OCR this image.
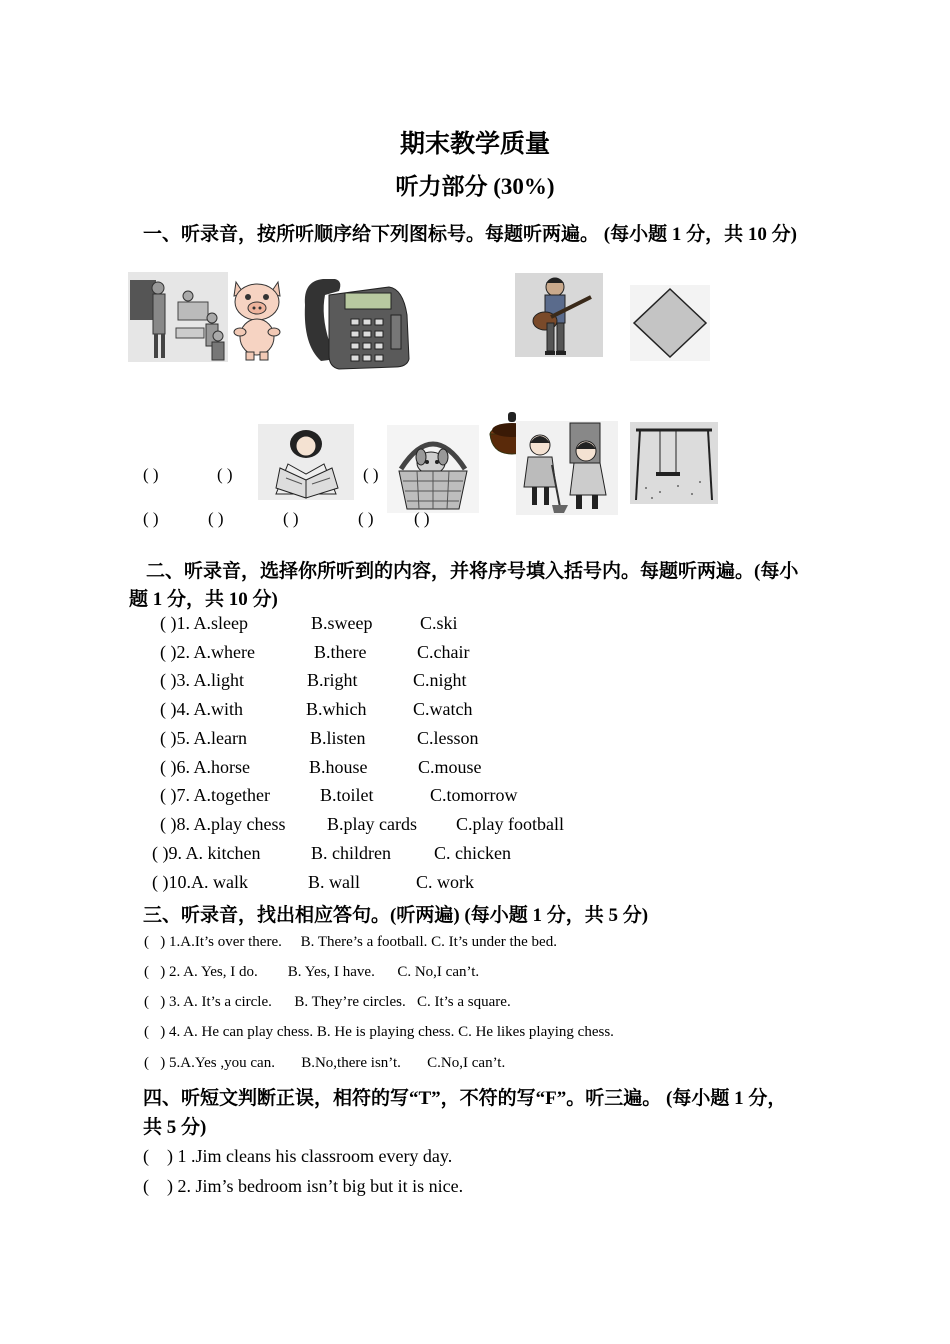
期末教学质量
听力部分 (30%)
一、听录音，按所听顺序给下列图标号。每题听两遍。 (每小题 1 分，共 10 分)
( )	( )	( )
( )	( )	( )	( ) ( )
二、听录音，选择你所听到的内容，并将序号填入括号内。每题听两遍。(每小
题 1 分，共 10 分)
( )1. A.sleep	B.sweep	C.ski
( )2. A.where	B.there	C.chair
( )3. A.light	B.right	C.night
( )4. A.with	B.which	C.watch
( )5. A.learn	B.listen	C.lesson
( )6. A.horse	B.house	C.mouse
( )7. A.together	B.toilet	C.tomorrow
( )8. A.play chess B.play cards C.play football
( )9. A. kitchen	B. children C. chicken
( )10.A. walk	B. wall	C. work
三、听录音，找出相应答句。(听两遍) (每小题 1 分，共 5 分)
(   ) 1.A.It’s over there.     B. There’s a football. C. It’s under the bed.
(   ) 2. A. Yes, I do.        B. Yes, I have.      C. No,I can’t.
(   ) 3. A. It’s a circle.      B. They’re circles.   C. It’s a square.
(   ) 4. A. He can play chess. B. He is playing chess. C. He likes playing chess.
(   ) 5.A.Yes ,you can.       B.No,there isn’t.       C.No,I can’t.
四、听短文判断正误，相符的写“T”，不符的写“F”。听三遍。 (每小题 1 分，
共 5 分)
(    ) 1 .Jim cleans his classroom every day.
(    ) 2. Jim’s bedroom isn’t big but it is nice.
